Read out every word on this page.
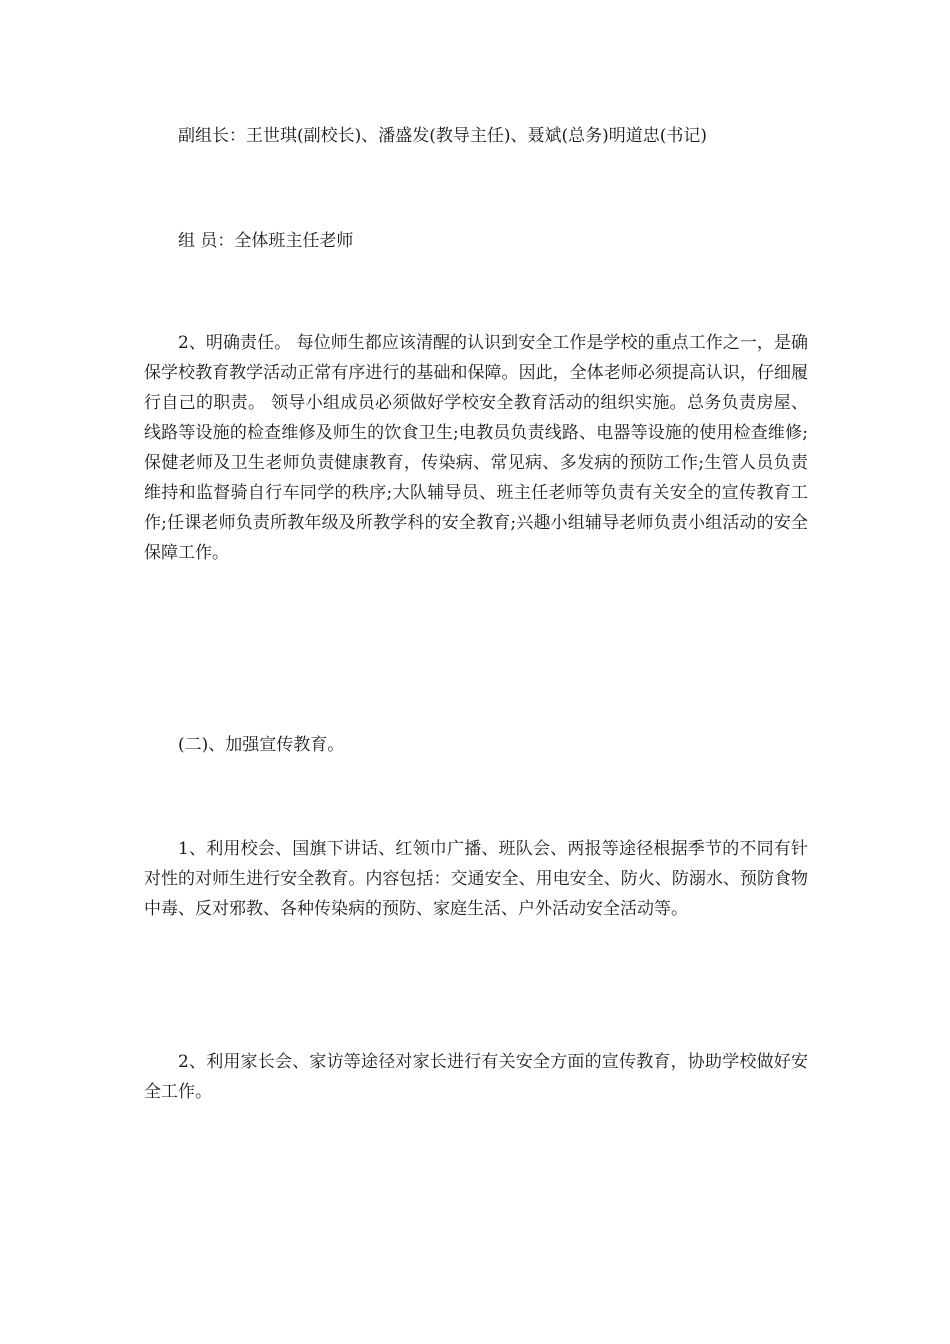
副组长：王世琪(副校长)、潘盛发(教导主任)、聂斌(总务)明道忠(书记)

组 员：全体班主任老师

2、明确责任。 每位师生都应该清醒的认识到安全工作是学校的重点工作之一，是确保学校教育教学活动正常有序进行的基础和保障。因此，全体老师必须提高认识，仔细履行自己的职责。 领导小组成员必须做好学校安全教育活动的组织实施。总务负责房屋、线路等设施的检查维修及师生的饮食卫生;电教员负责线路、电器等设施的使用检查维修;保健老师及卫生老师负责健康教育，传染病、常见病、多发病的预防工作;生管人员负责维持和监督骑自行车同学的秩序;大队辅导员、班主任老师等负责有关安全的宣传教育工作;任课老师负责所教年级及所教学科的安全教育;兴趣小组辅导老师负责小组活动的安全保障工作。

(二)、加强宣传教育。

1、利用校会、国旗下讲话、红领巾广播、班队会、两报等途径根据季节的不同有针对性的对师生进行安全教育。内容包括：交通安全、用电安全、防火、防溺水、预防食物中毒、反对邪教、各种传染病的预防、家庭生活、户外活动安全活动等。

2、利用家长会、家访等途径对家长进行有关安全方面的宣传教育，协助学校做好安全工作。
